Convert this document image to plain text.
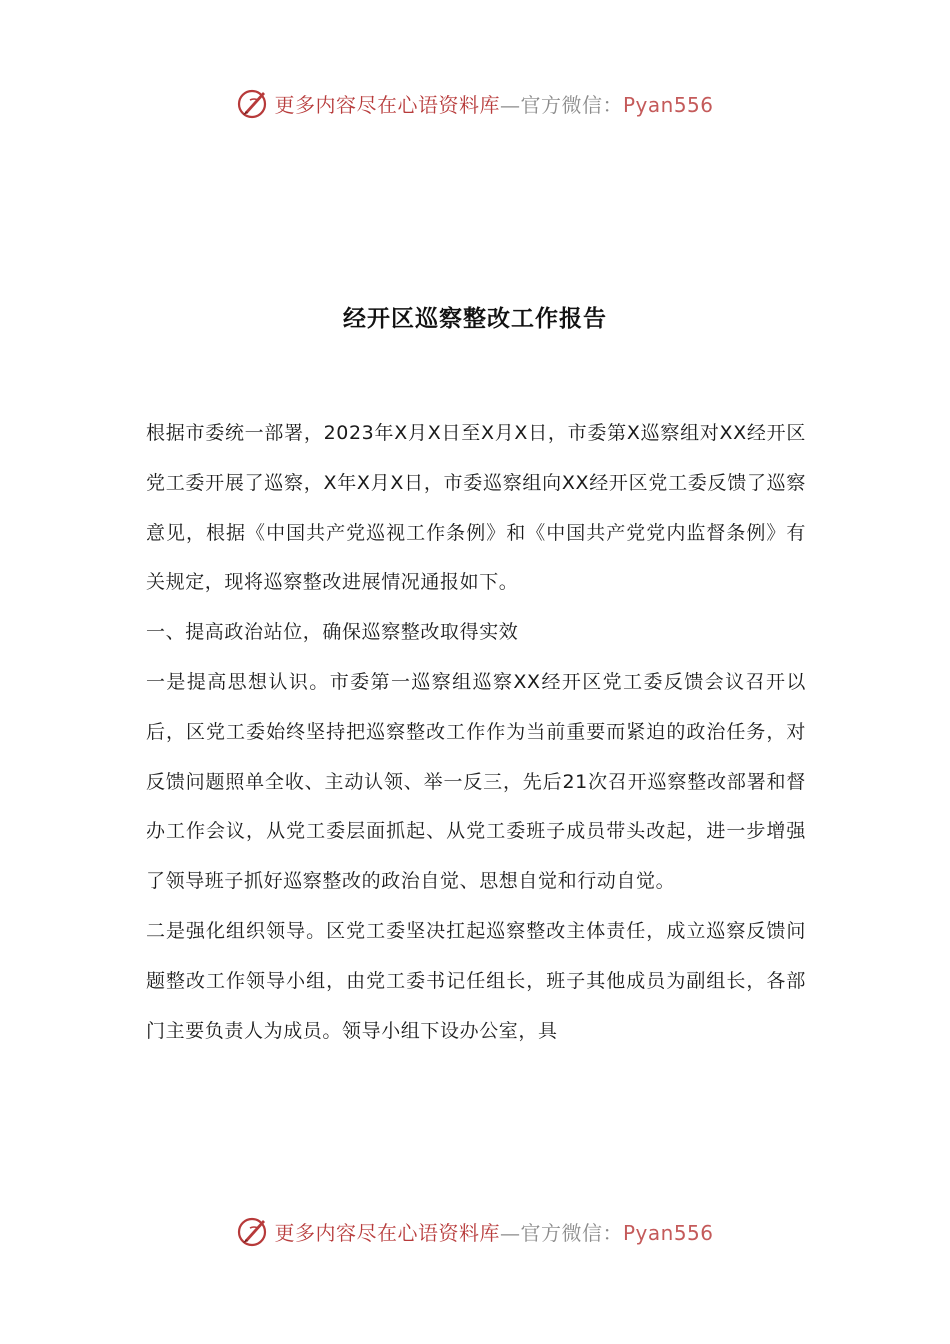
更多内容尽在心语资料库—官方微信：Pyan556
经开区巡察整改工作报告

根据市委统一部署，2023年X月X日至X月X日，市委第X巡察组对XX经开区党工委开展了巡察，X年X月X日，市委巡察组向XX经开区党工委反馈了巡察意见，根据《中国共产党巡视工作条例》和《中国共产党党内监督条例》有关规定，现将巡察整改进展情况通报如下。

一、提高政治站位，确保巡察整改取得实效

一是提高思想认识。市委第一巡察组巡察XX经开区党工委反馈会议召开以后，区党工委始终坚持把巡察整改工作作为当前重要而紧迫的政治任务，对反馈问题照单全收、主动认领、举一反三，先后21次召开巡察整改部署和督办工作会议，从党工委层面抓起、从党工委班子成员带头改起，进一步增强了领导班子抓好巡察整改的政治自觉、思想自觉和行动自觉。

二是强化组织领导。区党工委坚决扛起巡察整改主体责任，成立巡察反馈问题整改工作领导小组，由党工委书记任组长，班子其他成员为副组长，各部门主要负责人为成员。领导小组下设办公室，具

更多内容尽在心语资料库—官方微信：Pyan556
